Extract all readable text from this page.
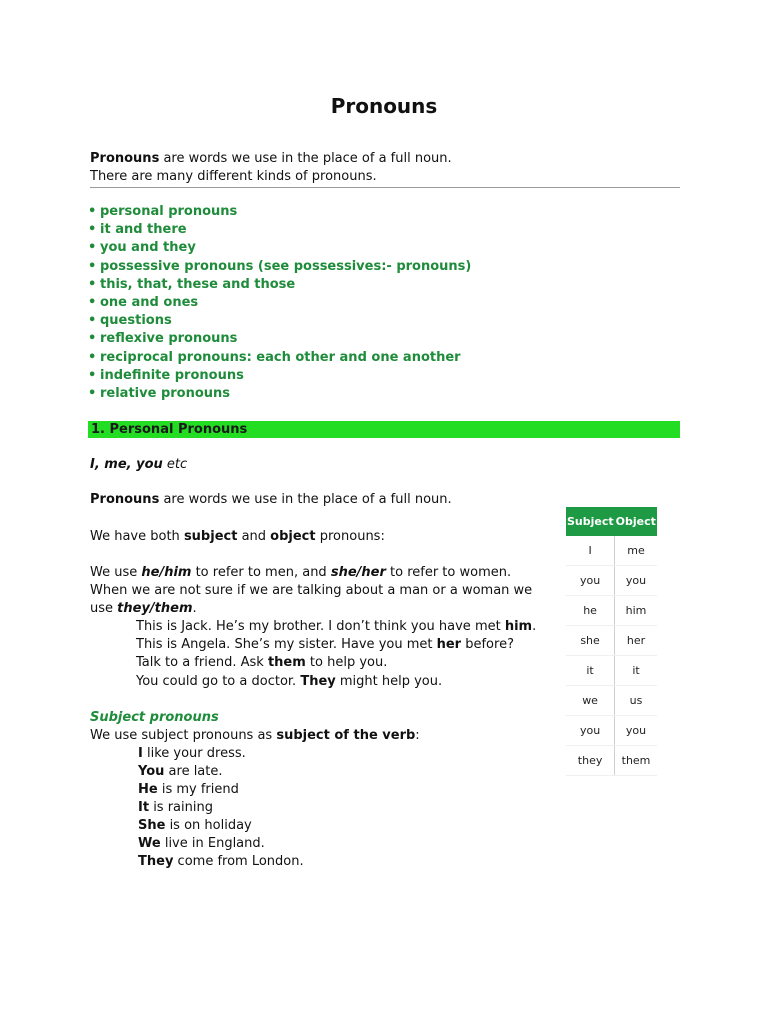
Pronouns
Pronouns are words we use in the place of a full noun.
There are many different kinds of pronouns.
• personal pronouns
• it and there
• you and they
• possessive pronouns (see possessives:- pronouns)
• this, that, these and those
• one and ones
• questions
• reflexive pronouns
• reciprocal pronouns: each other and one another
• indefinite pronouns
• relative pronouns
1. Personal Pronouns
I, me, you etc
Pronouns are words we use in the place of a full noun.
We have both subject and object pronouns:
We use he/him to refer to men, and she/her to refer to women.
When we are not sure if we are talking about a man or a woman we
use they/them.
This is Jack. He’s my brother. I don’t think you have met him.
This is Angela. She’s my sister. Have you met her before?
Talk to a friend. Ask them to help you.
You could go to a doctor. They might help you.
Subject pronouns
We use subject pronouns as subject of the verb:
I like your dress.
You are late.
He is my friend
It is raining
She is on holiday
We live in England.
They come from London.
Subject	Object
I	me
you	you
he	him
she	her
it	it
we	us
you	you
they	them
